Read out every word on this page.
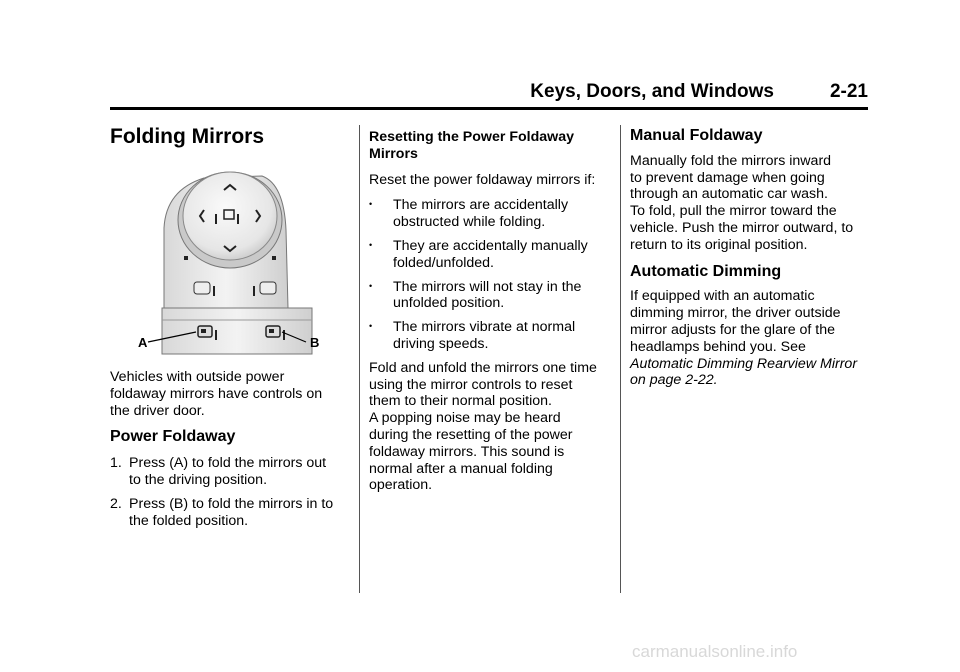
Keys, Doors, and Windows	2-21
Folding Mirrors
A	B

Vehicles with outside power
foldaway mirrors have controls on
the driver door.

Power Foldaway
1. Press (A) to fold the mirrors out
to the driving position.
2. Press (B) to fold the mirrors in to
the folded position.

Resetting the Power Foldaway
Mirrors

Reset the power foldaway mirrors if:

•	The mirrors are accidentally
obstructed while folding.
•	They are accidentally manually
folded/unfolded.
•	The mirrors will not stay in the
unfolded position.
•	The mirrors vibrate at normal
driving speeds.

Fold and unfold the mirrors one time
using the mirror controls to reset
them to their normal position.
A popping noise may be heard
during the resetting of the power
foldaway mirrors. This sound is
normal after a manual folding
operation.

Manual Foldaway

Manually fold the mirrors inward
to prevent damage when going
through an automatic car wash.
To fold, pull the mirror toward the
vehicle. Push the mirror outward, to
return to its original position.

Automatic Dimming

If equipped with an automatic
dimming mirror, the driver outside
mirror adjusts for the glare of the
headlamps behind you. See
Automatic Dimming Rearview Mirror
on page 2-22.

carmanualsonline.info
